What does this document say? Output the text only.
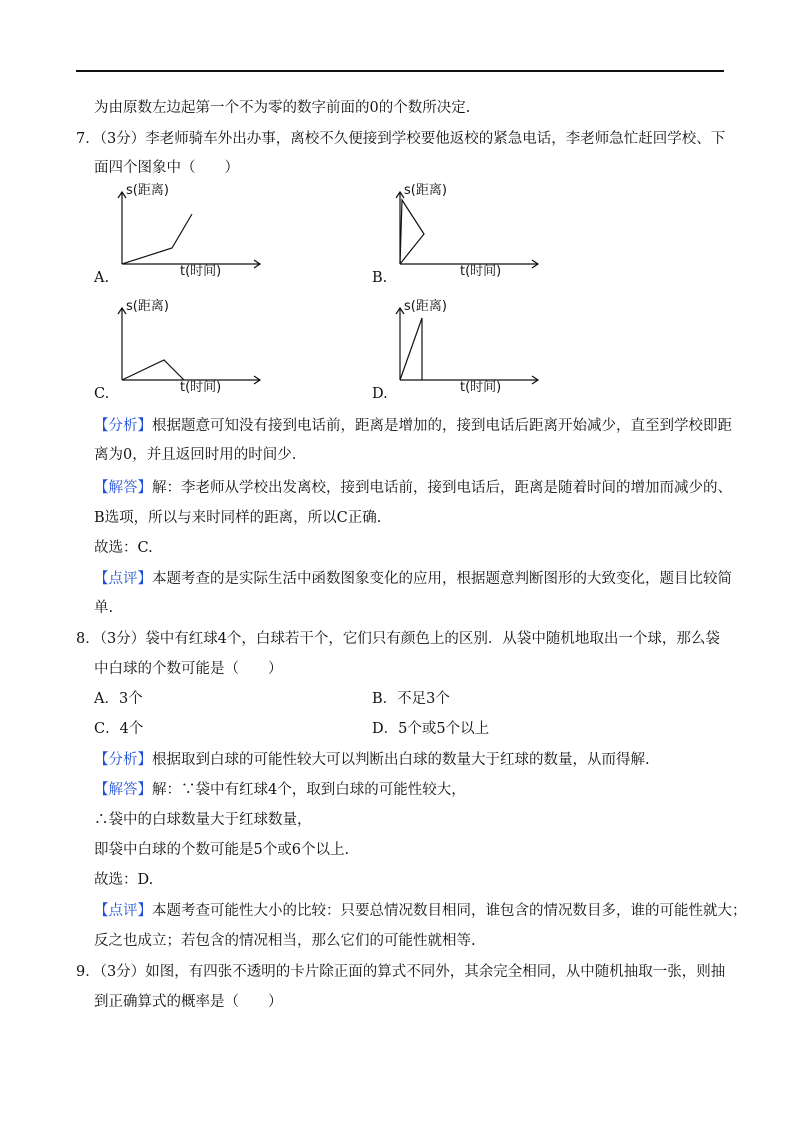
为由原数左边起第一个不为零的数字前面的0的个数所决定.
7．（3分）李老师骑车外出办事，离校不久便接到学校要他返校的紧急电话，李老师急忙赶回学校、下
面四个图象中（　　）
A.
s(距离)
t(时间)	B.
s(距离)
t(时间)
C.
s(距离)
t(时间)	D.
s(距离)
t(时间)
【分析】根据题意可知没有接到电话前，距离是增加的，接到电话后距离开始减少，直至到学校即距
离为0，并且返回时用的时间少.
【解答】解：李老师从学校出发离校，接到电话前，接到电话后，距离是随着时间的增加而减少的、
B选项，所以与来时同样的距离，所以C正确.
故选：C.
【点评】本题考查的是实际生活中函数图象变化的应用，根据题意判断图形的大致变化，题目比较简
单.
8．（3分）袋中有红球4个，白球若干个，它们只有颜色上的区别．从袋中随机地取出一个球，那么袋
中白球的个数可能是（　　）
A．3个	B．不足3个
C．4个	D．5个或5个以上
【分析】根据取到白球的可能性较大可以判断出白球的数量大于红球的数量，从而得解.
【解答】解：∵袋中有红球4个，取到白球的可能性较大，
∴袋中的白球数量大于红球数量，
即袋中白球的个数可能是5个或6个以上.
故选：D.
【点评】本题考查可能性大小的比较：只要总情况数目相同，谁包含的情况数目多，谁的可能性就大；
反之也成立；若包含的情况相当，那么它们的可能性就相等.
9．（3分）如图，有四张不透明的卡片除正面的算式不同外，其余完全相同，从中随机抽取一张，则抽
到正确算式的概率是（　　）
